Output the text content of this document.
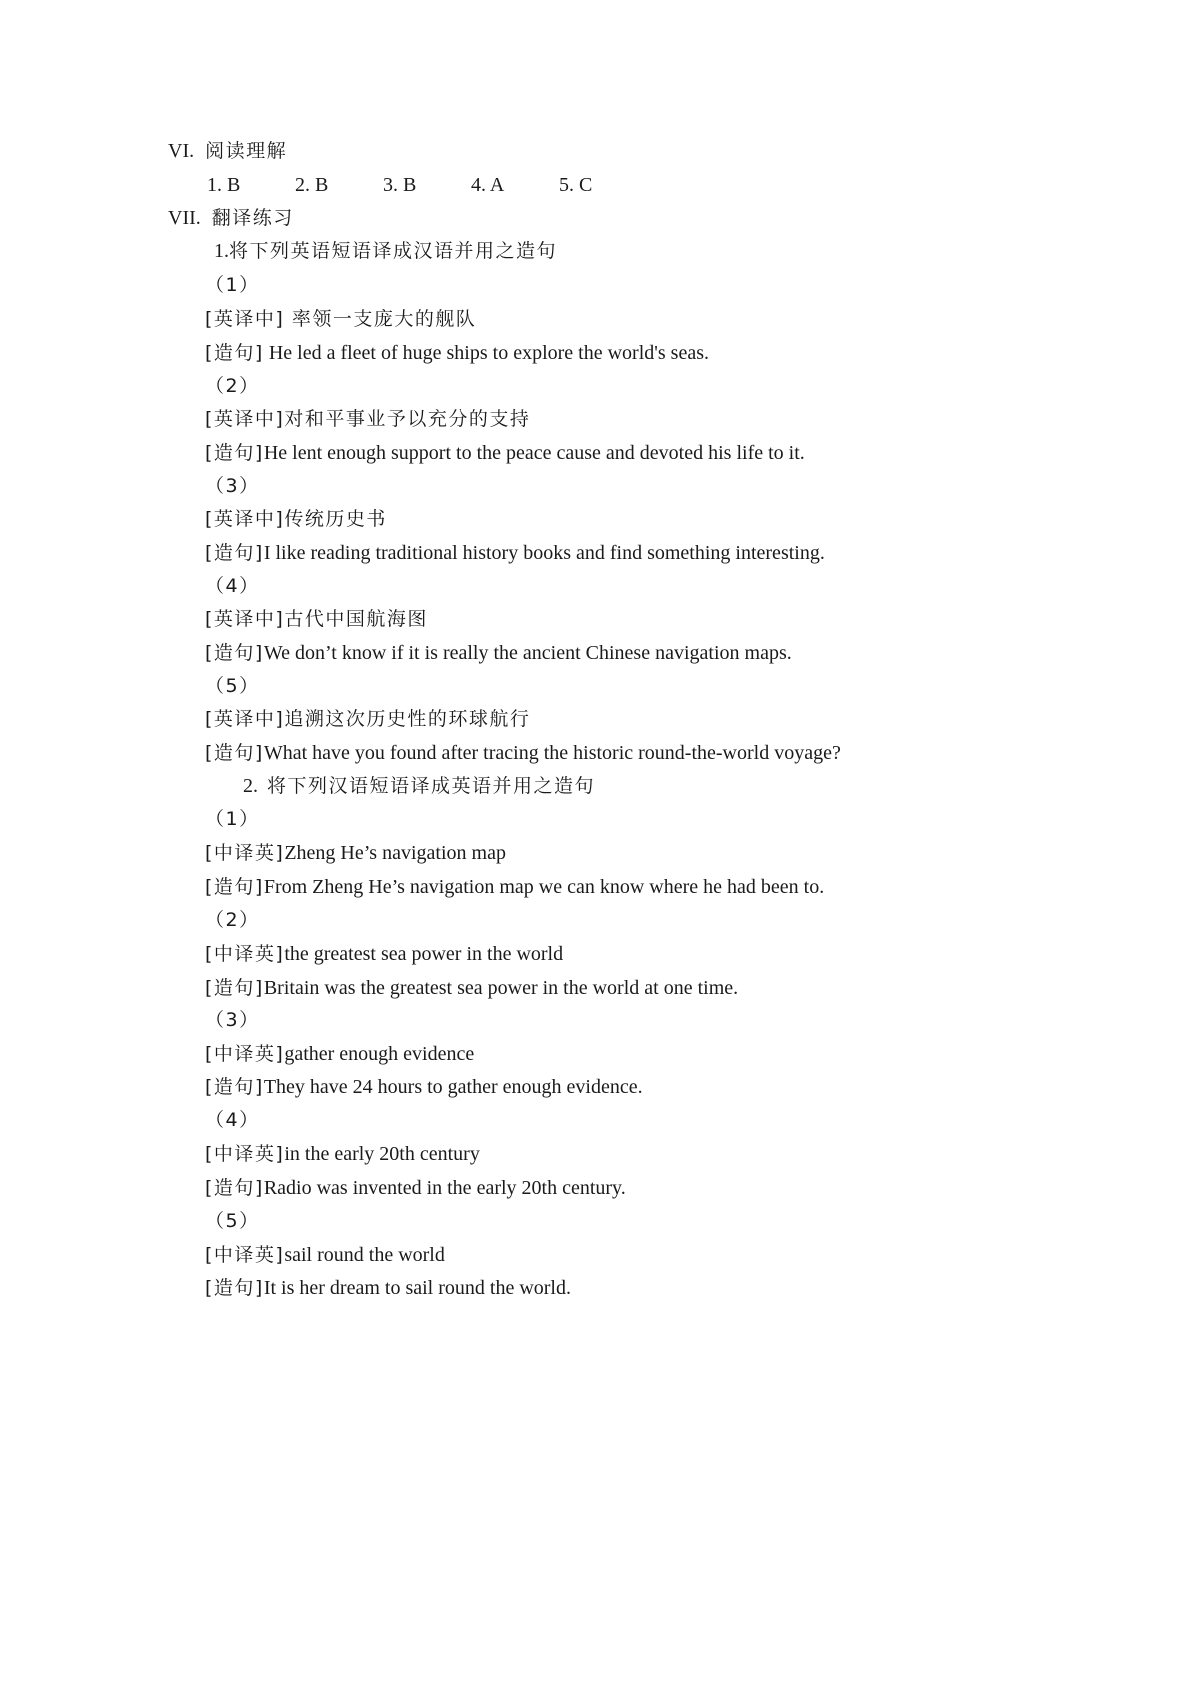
VI. 阅读理解
1. B	2. B	3. B	4. A	5. C
VII. 翻译练习
1.将下列英语短语译成汉语并用之造句
（1）
[英译中] 率领一支庞大的舰队
[造句] He led a fleet of huge ships to explore the world's seas.
（2）
[英译中]对和平事业予以充分的支持
[造句]He lent enough support to the peace cause and devoted his life to it.
（3）
[英译中]传统历史书
[造句]I like reading traditional history books and find something interesting.
（4）
[英译中]古代中国航海图
[造句]We don’t know if it is really the ancient Chinese navigation maps.
（5）
[英译中]追溯这次历史性的环球航行
[造句]What have you found after tracing the historic round-the-world voyage?
2. 将下列汉语短语译成英语并用之造句
（1）
[中译英]Zheng He’s navigation map
[造句]From Zheng He’s navigation map we can know where he had been to.
（2）
[中译英]the greatest sea power in the world
[造句]Britain was the greatest sea power in the world at one time.
（3）
[中译英]gather enough evidence
[造句]They have 24 hours to gather enough evidence.
（4）
[中译英]in the early 20th century
[造句]Radio was invented in the early 20th century.
（5）
[中译英]sail round the world
[造句]It is her dream to sail round the world.
